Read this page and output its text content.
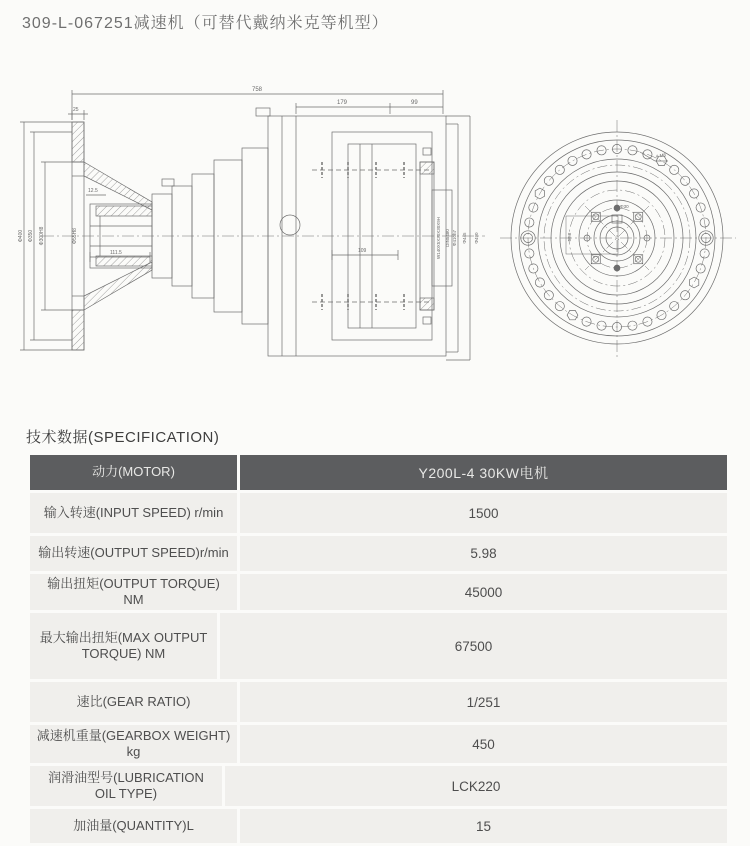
309-L-067251减速机（可替代戴纳米克等机型）
758
179	99
25
12.5
111.5	109
Φ400 Φ350 Φ300H8	Φ55H8	W140X5X30X30X9H DIN5480 Φ410h7 Φ445 Φ490
4-M8
58.8
Φ30
技术数据(SPECIFICATION)
动力(MOTOR)	Y200L-4 30KW电机
输入转速(INPUT SPEED) r/min	1500
输出转速(OUTPUT SPEED)r/min	5.98
输出扭矩(OUTPUT TORQUE) NM	45000
最大输出扭矩(MAX OUTPUT TORQUE) NM	67500
速比(GEAR RATIO)	1/251
减速机重量(GEARBOX WEIGHT) kg	450
润滑油型号(LUBRICATION OIL TYPE)	LCK220
加油量(QUANTITY)L	15
